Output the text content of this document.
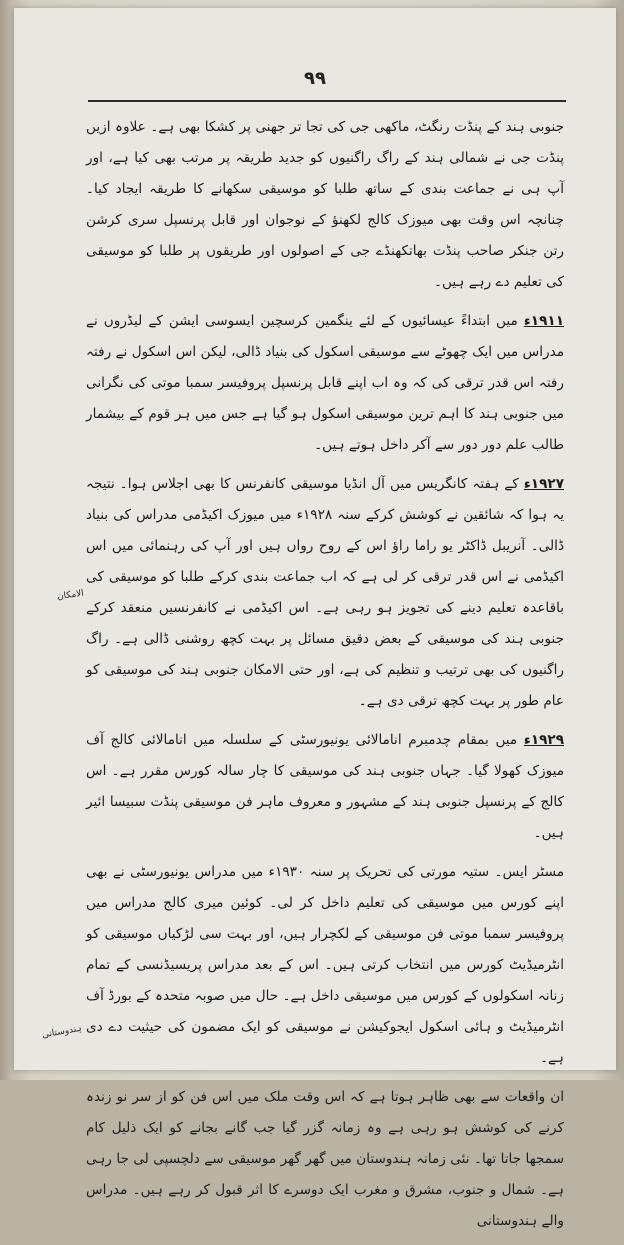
۹۹

جنوبی ہند کے پنڈت رنگٹ، ماکھی جی کی تجا تر جھنی پر کشکا بھی ہے۔ علاوہ ازیں پنڈت جی نے شمالی ہند کے راگ راگنیوں کو جدید طریقہ پر مرتب بھی کیا ہے، اور آپ ہی نے جماعت بندی کے ساتھ طلبا کو موسیقی سکھانے کا طریقہ ایجاد کیا۔ چنانچہ اس وقت بھی میوزک کالج لکھنؤ کے نوجوان اور قابل پرنسپل سری کرشن رتن جنکر صاحب پنڈت بھاتکھنڈے جی کے اصولوں اور طریقوں پر طلبا کو موسیقی کی تعلیم دے رہے ہیں۔

۱۹۱۱ء میں ابتداءً عیسائیوں کے لئے ینگمین کرسچین ایسوسی ایشن کے لیڈروں نے مدراس میں ایک چھوٹے سے موسیقی اسکول کی بنیاد ڈالی، لیکن اس اسکول نے رفتہ رفتہ اس قدر ترقی کی کہ وہ اب اپنے قابل پرنسپل پروفیسر سمبا موتی کی نگرانی میں جنوبی ہند کا اہم ترین موسیقی اسکول ہو گیا ہے جس میں ہر قوم کے بیشمار طالب علم دور دور سے آکر داخل ہوتے ہیں۔

۱۹۲۷ء کے ہفتہ کانگریس میں آل انڈیا موسیقی کانفرنس کا بھی اجلاس ہوا۔ نتیجہ یہ ہوا کہ شائقین نے کوشش کرکے سنہ ۱۹۲۸ء میں میوزک اکیڈمی مدراس کی بنیاد ڈالی۔ آنریبل ڈاکٹر یو راما راؤ اس کے روح رواں ہیں اور آپ کی رہنمائی میں اس اکیڈمی نے اس قدر ترقی کر لی ہے کہ اب جماعت بندی کرکے طلبا کو موسیقی کی باقاعدہ تعلیم دینے کی تجویز ہو رہی ہے۔ اس اکیڈمی نے کانفرنسیں منعقد کرکے جنوبی ہند کی موسیقی کے بعض دقیق مسائل پر بہت کچھ روشنی ڈالی ہے۔ راگ راگنیوں کی بھی ترتیب و تنظیم کی ہے، اور حتی الامکان جنوبی ہند کی موسیقی کو عام طور پر بہت کچھ ترقی دی ہے۔

۱۹۲۹ء میں بمقام چدمبرم انامالائی یونیورسٹی کے سلسلہ میں انامالائی کالج آف میوزک کھولا گیا۔ جہاں جنوبی ہند کی موسیقی کا چار سالہ کورس مقرر ہے۔ اس کالج کے پرنسپل جنوبی ہند کے مشہور و معروف ماہر فن موسیقی پنڈت سبیسا ائیر ہیں۔

مسٹر ایس۔ ستیہ مورتی کی تحریک پر سنہ ۱۹۳۰ء میں مدراس یونیورسٹی نے بھی اپنے کورس میں موسیقی کی تعلیم داخل کر لی۔ کوئین میری کالج مدراس میں پروفیسر سمبا موتی فن موسیقی کے لکچرار ہیں، اور بہت سی لڑکیاں موسیقی کو انٹرمیڈیٹ کورس میں انتخاب کرتی ہیں۔ اس کے بعد مدراس پریسیڈنسی کے تمام زنانہ اسکولوں کے کورس میں موسیقی داخل ہے۔ حال میں صوبہ متحدہ کے بورڈ آف انٹرمیڈیٹ و ہائی اسکول ایجوکیشن نے موسیقی کو ایک مضمون کی حیثیت دے دی ہے۔

ان واقعات سے بھی ظاہر ہوتا ہے کہ اس وقت ملک میں اس فن کو از سر نو زندہ کرنے کی کوشش ہو رہی ہے وہ زمانہ گزر گیا جب گانے بجانے کو ایک ذلیل کام سمجھا جاتا تھا۔ نئی زمانہ ہندوستان میں گھر گھر موسیقی سے دلچسپی لی جا رہی ہے۔ شمال و جنوب، مشرق و مغرب ایک دوسرے کا اثر قبول کر رہے ہیں۔ مدراس والے ہندوستانی

الامکان
ہندوستانی
